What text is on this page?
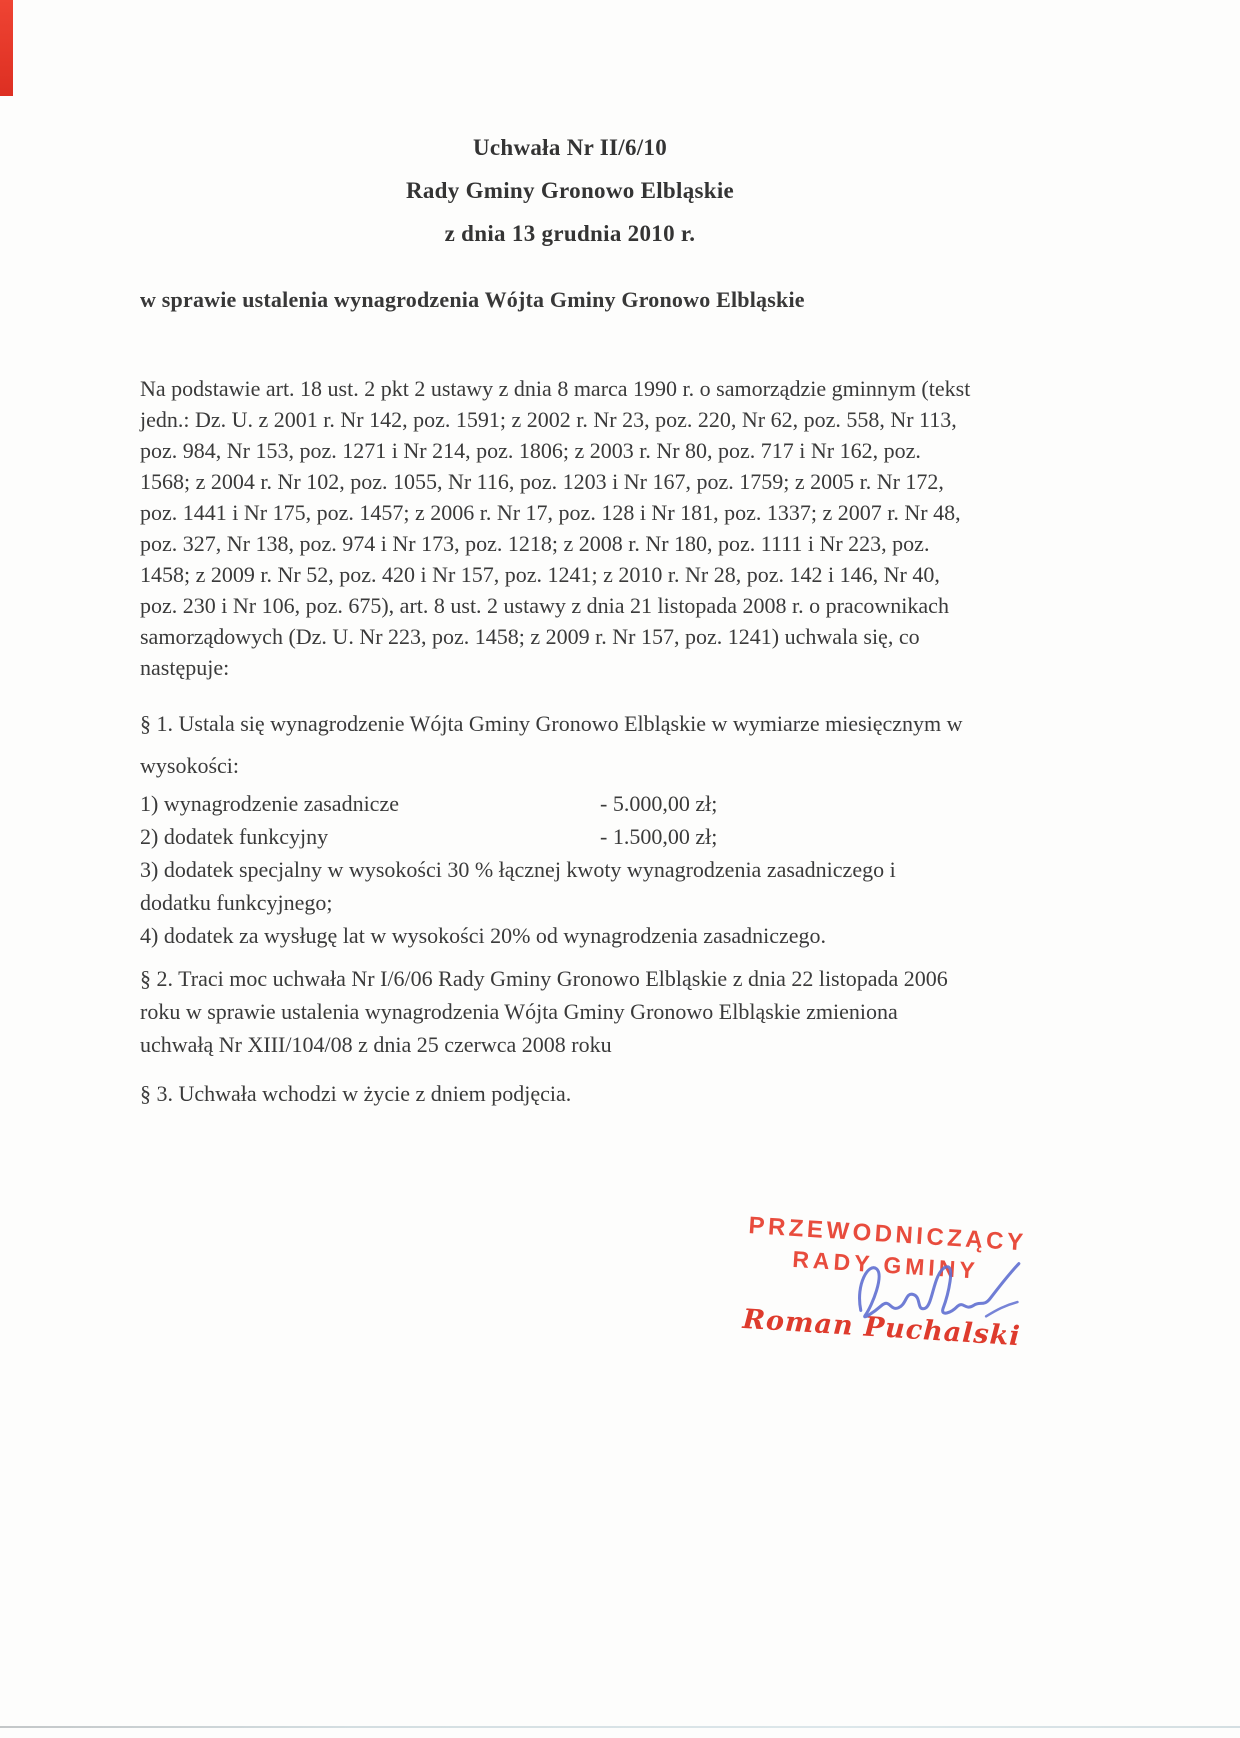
Uchwała Nr II/6/10
Rady Gminy Gronowo Elbląskie
z dnia 13 grudnia 2010 r.
w sprawie ustalenia wynagrodzenia Wójta Gminy Gronowo Elbląskie
Na podstawie art. 18 ust. 2 pkt 2 ustawy z dnia 8 marca 1990 r. o samorządzie gminnym (tekst
jedn.: Dz. U. z 2001 r. Nr 142, poz. 1591; z 2002 r. Nr 23, poz. 220, Nr 62, poz. 558, Nr 113,
poz. 984, Nr 153, poz. 1271 i Nr 214, poz. 1806; z 2003 r. Nr 80, poz. 717 i Nr 162, poz.
1568; z 2004 r. Nr 102, poz. 1055, Nr 116, poz. 1203 i Nr 167, poz. 1759; z 2005 r. Nr 172,
poz. 1441 i Nr 175, poz. 1457; z 2006 r. Nr 17, poz. 128 i Nr 181, poz. 1337; z 2007 r. Nr 48,
poz. 327, Nr 138, poz. 974 i Nr 173, poz. 1218; z 2008 r. Nr 180, poz. 1111 i Nr 223, poz.
1458; z 2009 r. Nr 52, poz. 420 i Nr 157, poz. 1241; z 2010 r. Nr 28, poz. 142 i 146, Nr 40,
poz. 230 i Nr 106, poz. 675), art. 8 ust. 2 ustawy z dnia 21 listopada 2008 r. o pracownikach
samorządowych (Dz. U. Nr 223, poz. 1458; z 2009 r. Nr 157, poz. 1241) uchwala się, co
następuje:
§ 1. Ustala się wynagrodzenie Wójta Gminy Gronowo Elbląskie w wymiarze miesięcznym w
wysokości:
1) wynagrodzenie zasadnicze	- 5.000,00 zł;
2) dodatek funkcyjny	- 1.500,00 zł;
3) dodatek specjalny w wysokości 30 % łącznej kwoty wynagrodzenia zasadniczego i
dodatku funkcyjnego;
4) dodatek za wysługę lat w wysokości 20% od wynagrodzenia zasadniczego.
§ 2. Traci moc uchwała Nr I/6/06 Rady Gminy Gronowo Elbląskie z dnia 22 listopada 2006
roku w sprawie ustalenia wynagrodzenia Wójta Gminy Gronowo Elbląskie zmieniona
uchwałą Nr XIII/104/08 z dnia 25 czerwca 2008 roku
§ 3. Uchwała wchodzi w życie z dniem podjęcia.
PRZEWODNICZĄCY
RADY GMINY
Roman Puchalski
